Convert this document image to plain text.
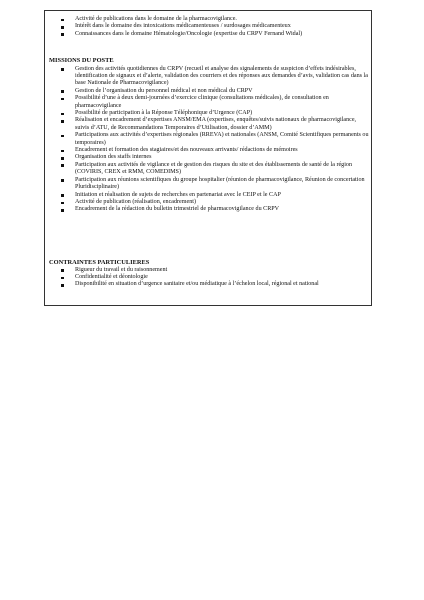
Activité de publications dans le domaine de la pharmacovigilance.
Intérêt dans le domaine des intoxications médicamenteuses / surdosages médicamenteux
Connaissances dans le domaine Hématologie/Oncologie (expertise du CRPV Fernand Widal)

MISSIONS DU POSTE

Gestion des activités quotidiennes du CRPV (recueil et analyse des signalements de suspicion d’effets indésirables, identification de signaux et d’alerte, validation des courriers et des réponses aux demandes d’avis, validation cas dans la base Nationale de Pharmacovigilance)
Gestion de l’organisation du personnel médical et non médical du CRPV
Possibilité d’une à deux demi-journées d’exercice clinique (consultations médicales), de consultation en pharmacovigilance
Possibilité de participation à la Réponse Téléphonique d’Urgence (CAP)
Réalisation et encadrement d’expertises ANSM/EMA (expertises, enquêtes/suivis nationaux de pharmacovigilance, suivis d’ATU, de Recommandations Temporaires d’Utilisation, dossier d’AMM)
Participations aux activités d’expertises régionales (RREVA) et nationales (ANSM, Comité Scientifiques permanents ou temporaires)
Encadrement et formation des stagiaires/et des nouveaux arrivants/ rédactions de mémoires
Organisation des staffs internes
Participation aux activités de vigilance et de gestion des risques du site et des établissements de santé de la région (COVIRIS, CREX et RMM, COMEDIMS)
Participation aux réunions scientifiques du groupe hospitalier (réunion de pharmacovigilance, Réunion de concertation Pluridisciplinaire)
Initiation et réalisation de sujets de recherches en partenariat avec le CEIP et le CAP
Activité de publication (réalisation, encadrement)
Encadrement de la rédaction du bulletin trimestriel de pharmacovigilance du CRPV

CONTRAINTES PARTICULIERES

Rigueur du travail et du raisonnement
Confidentialité et déontologie
Disponibilité en situation d’urgence sanitaire et/ou médiatique à l’échelon local, régional et national
